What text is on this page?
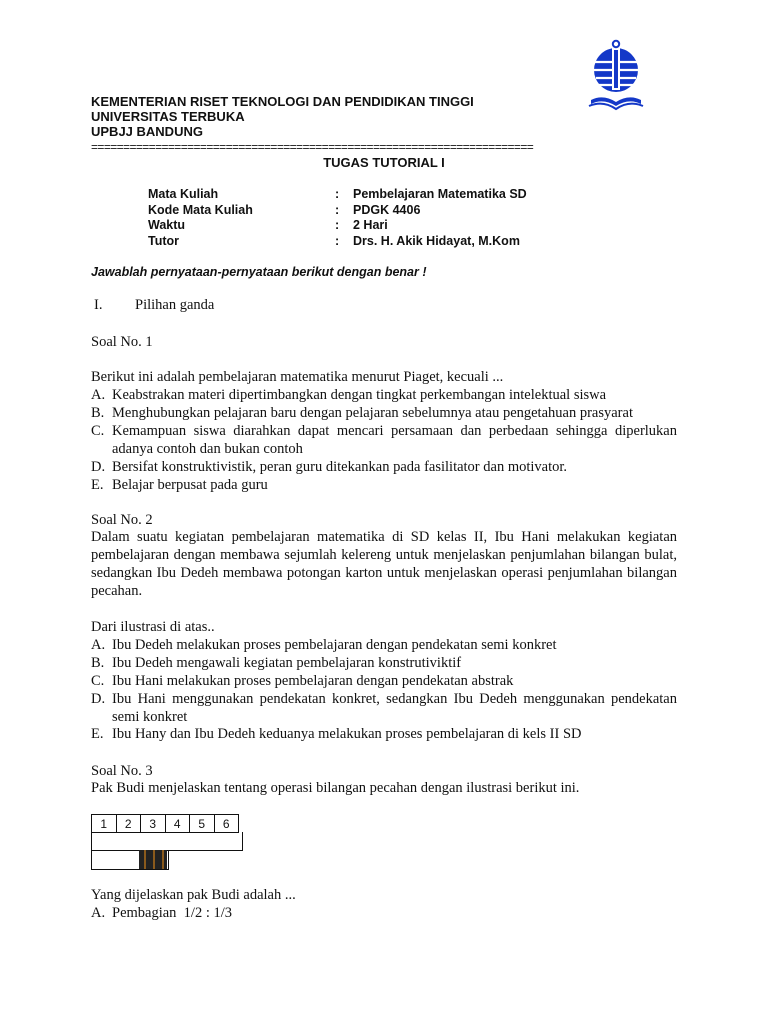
KEMENTERIAN RISET TEKNOLOGI DAN PENDIDIKAN TINGGI
UNIVERSITAS TERBUKA
UPBJJ BANDUNG
=====================================================================
TUGAS TUTORIAL I
Mata Kuliah	: Pembelajaran Matematika SD
Kode Mata Kuliah	: PDGK 4406
Waktu	: 2 Hari
Tutor	: Drs. H. Akik Hidayat, M.Kom
Jawablah pernyataan-pernyataan berikut dengan benar !
I. Pilihan ganda
Soal No. 1
Berikut ini adalah pembelajaran matematika menurut Piaget, kecuali ...
A. Keabstrakan materi dipertimbangkan dengan tingkat perkembangan intelektual siswa
B. Menghubungkan pelajaran baru dengan pelajaran sebelumnya atau pengetahuan prasyarat
C. Kemampuan siswa diarahkan dapat mencari persamaan dan perbedaan sehingga diperlukan adanya contoh dan bukan contoh
D. Bersifat konstruktivistik, peran guru ditekankan pada fasilitator dan motivator.
E. Belajar berpusat pada guru
Soal No. 2
Dalam suatu kegiatan pembelajaran matematika di SD kelas II, Ibu Hani melakukan kegiatan pembelajaran dengan membawa sejumlah kelereng untuk menjelaskan penjumlahan bilangan bulat, sedangkan Ibu Dedeh membawa potongan karton untuk menjelaskan operasi penjumlahan bilangan pecahan.
Dari ilustrasi di atas..
A. Ibu Dedeh melakukan proses pembelajaran dengan pendekatan semi konkret
B. Ibu Dedeh mengawali kegiatan pembelajaran konstrutiviktif
C. Ibu Hani melakukan proses pembelajaran dengan pendekatan abstrak
D. Ibu Hani menggunakan pendekatan konkret, sedangkan Ibu Dedeh menggunakan pendekatan semi konkret
E. Ibu Hany dan Ibu Dedeh keduanya melakukan proses pembelajaran di kels II SD
Soal No. 3
Pak Budi menjelaskan tentang operasi bilangan pecahan dengan ilustrasi berikut ini.
1	2	3	4	5	6
Yang dijelaskan pak Budi adalah ...
A. Pembagian  1/2 : 1/3
